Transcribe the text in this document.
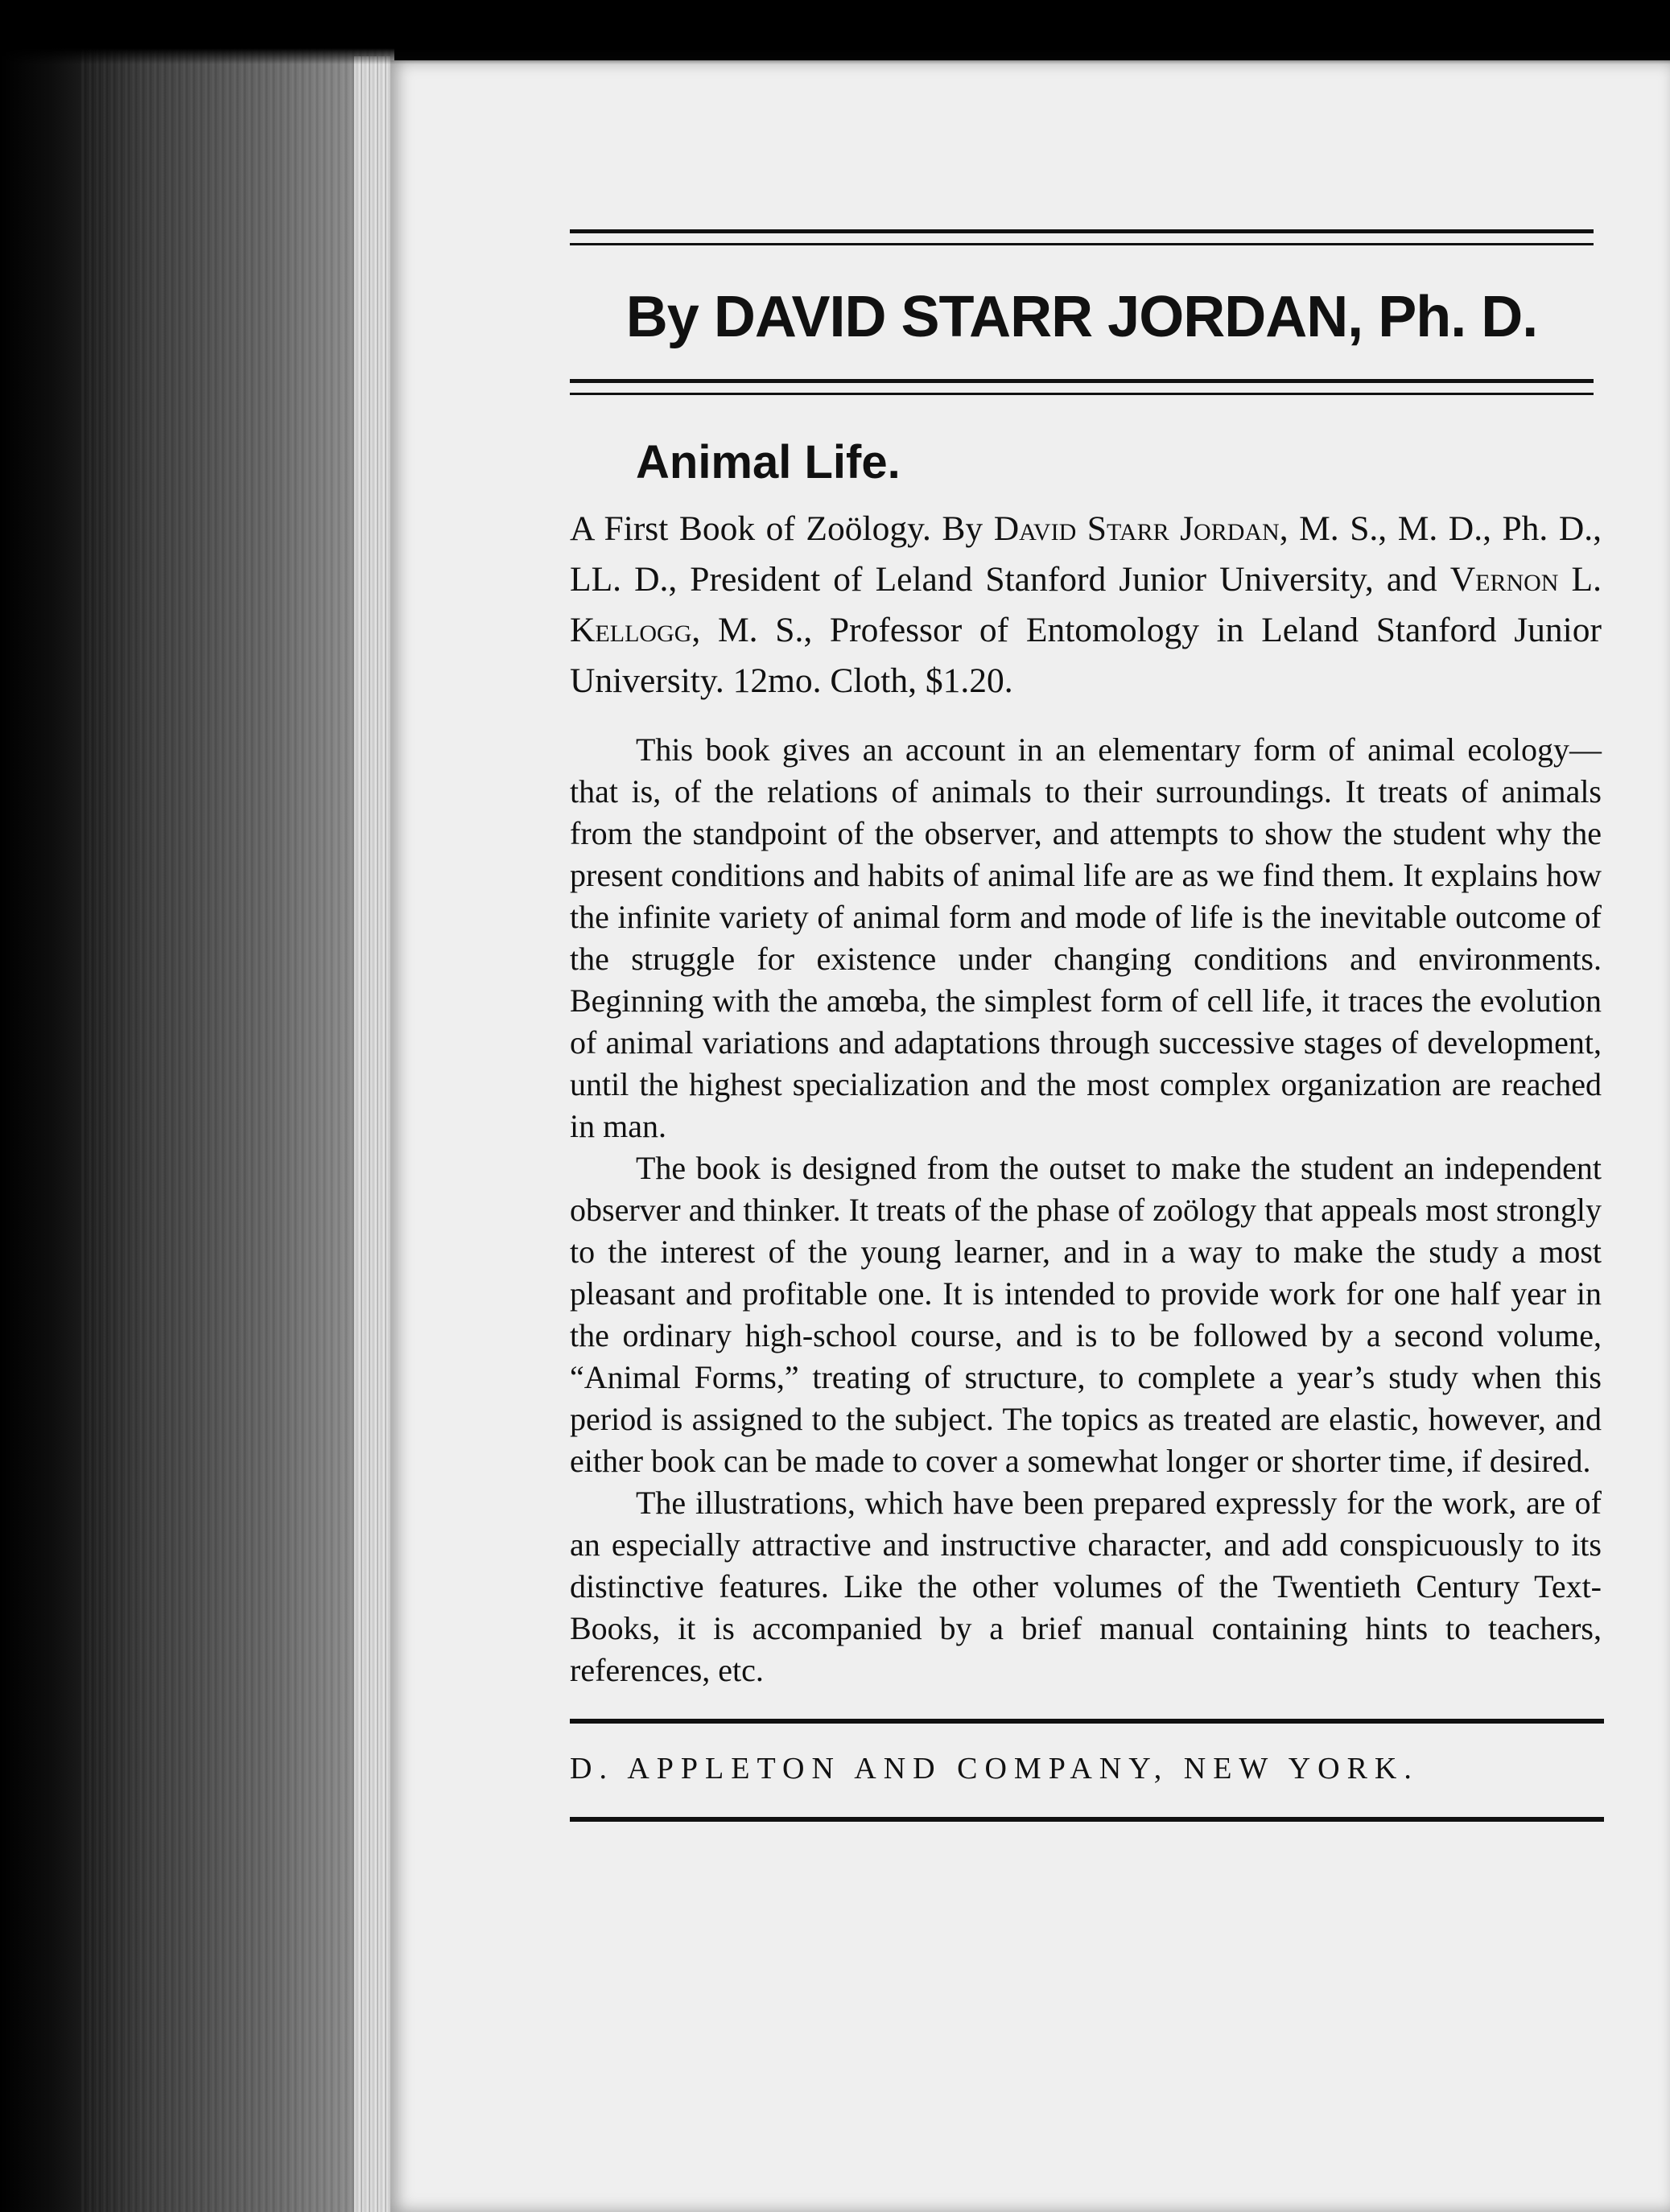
By DAVID STARR JORDAN, Ph. D.
Animal Life.

A First Book of Zoölogy. By David Starr Jordan, M. S., M. D., Ph. D., LL. D., President of Leland Stanford Junior University, and Vernon L. Kellogg, M. S., Professor of Entomology in Leland Stanford Junior University. 12mo. Cloth, $1.20.

This book gives an account in an elementary form of animal ecology—that is, of the relations of animals to their surroundings. It treats of animals from the standpoint of the observer, and attempts to show the student why the present conditions and habits of animal life are as we find them. It explains how the infinite variety of animal form and mode of life is the inevitable outcome of the struggle for existence under changing conditions and environments. Beginning with the amœba, the simplest form of cell life, it traces the evolution of animal variations and adaptations through successive stages of development, until the highest specialization and the most complex organization are reached in man.

The book is designed from the outset to make the student an independent observer and thinker. It treats of the phase of zoölogy that appeals most strongly to the interest of the young learner, and in a way to make the study a most pleasant and profitable one. It is intended to provide work for one half year in the ordinary high-school course, and is to be followed by a second volume, “Animal Forms,” treating of structure, to complete a year’s study when this period is assigned to the subject. The topics as treated are elastic, however, and either book can be made to cover a somewhat longer or shorter time, if desired.

The illustrations, which have been prepared expressly for the work, are of an especially attractive and instructive character, and add conspicuously to its distinctive features. Like the other volumes of the Twentieth Century Text-Books, it is accompanied by a brief manual containing hints to teachers, references, etc.

D. APPLETON AND COMPANY, NEW YORK.
